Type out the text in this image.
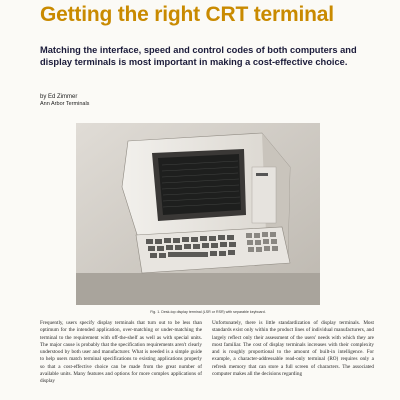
Getting the right CRT terminal
Matching the interface, speed and control codes of both computers and display terminals is most important in making a cost-effective choice.
by Ed Zimmer
Ann Arbor Terminals
Fig. 1. Desk-top display terminal (LSR or RSR) with separable keyboard.
Frequently, users specify display terminals that turn out to be less than optimum for the intended application, over-matching or under-matching the terminal to the requirement with off-the-shelf as well as with special units. The major cause is probably that the specification requirements aren't clearly understood by both user and manufacturer. What is needed is a simple guide to help users match terminal specifications to existing applications properly so that a cost-effective choice can be made from the great number of available units. Many features and options for more complex applications of display
Unfortunately, there is little standardization of display terminals. Most standards exist only within the product lines of individual manufacturers, and largely reflect only their assessment of the users' needs with which they are most familiar. The cost of display terminals increases with their complexity and is roughly proportional to the amount of built-in intelligence. For example, a character-addressable read-only terminal (RO) requires only a refresh memory that can store a full screen of characters. The associated computer makes all the decisions regarding
